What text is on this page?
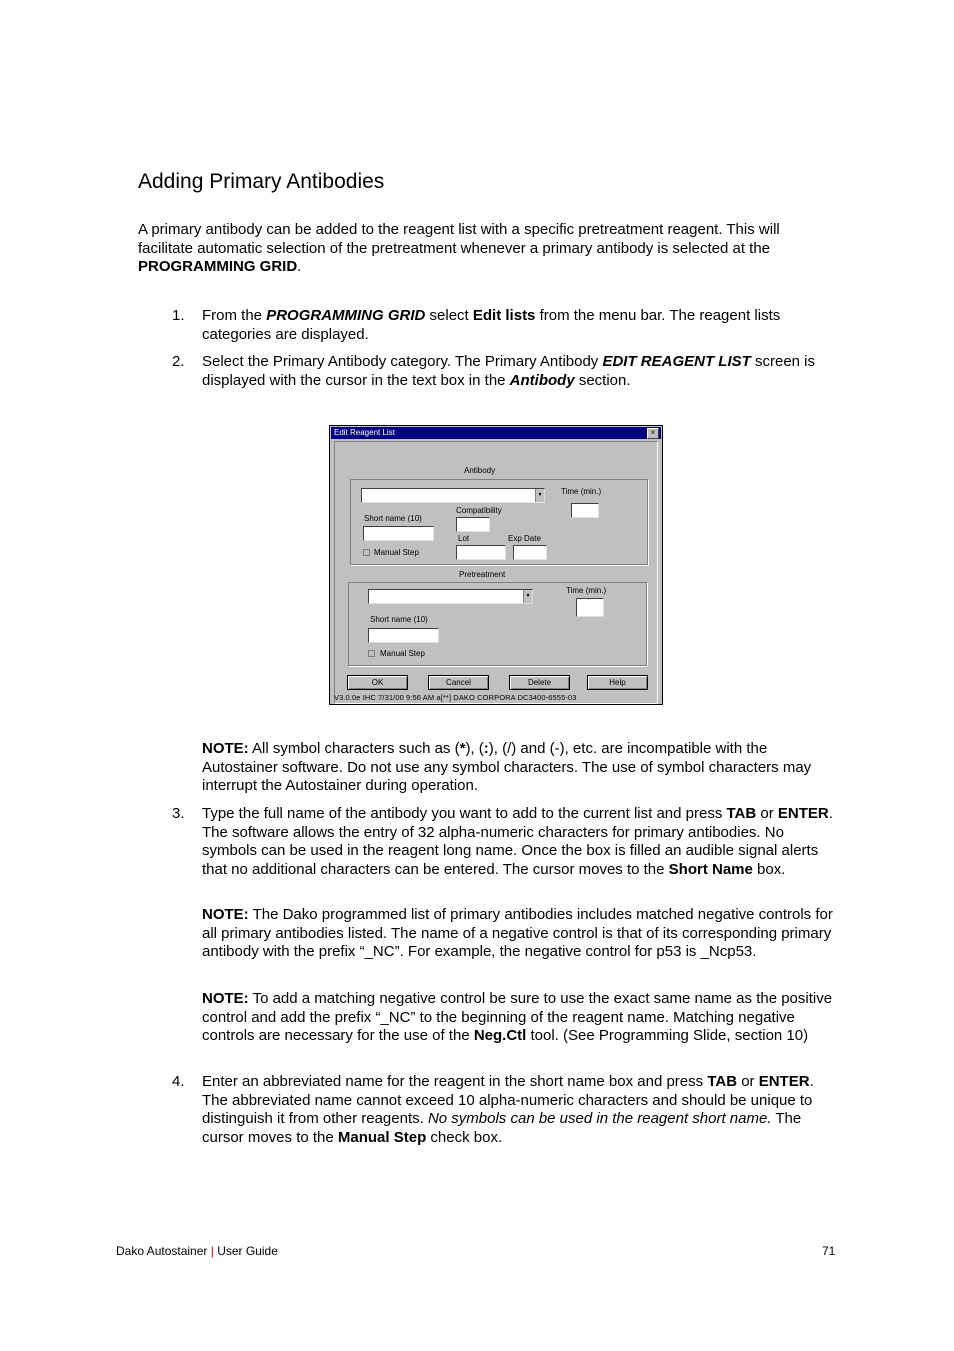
Adding Primary Antibodies

A primary antibody can be added to the reagent list with a specific pretreatment reagent. This will facilitate automatic selection of the pretreatment whenever a primary antibody is selected at the PROGRAMMING GRID.

1.	From the PROGRAMMING GRID select Edit lists from the menu bar. The reagent lists categories are displayed.
2.	Select the Primary Antibody category. The Primary Antibody EDIT REAGENT LIST screen is displayed with the cursor in the text box in the Antibody section.
Edit Reagent List	×
Antibody
▾	Time (min.)
Compatibility
Short name (10)
Lot	Exp Date
Manual Step
Pretreatment
▾
Time (min.)
Short name (10)
Manual Step
OK	Cancel	Delete	Help
V3.0.0e IHC 7/31/00 9:56 AM a[**] DAKO CORPORA DC3400-6555-03
NOTE: All symbol characters such as (*), (:), (/) and (-), etc. are incompatible with the Autostainer software. Do not use any symbol characters. The use of symbol characters may interrupt the Autostainer during operation.
3.	Type the full name of the antibody you want to add to the current list and press TAB or ENTER. The software allows the entry of 32 alpha-numeric characters for primary antibodies. No symbols can be used in the reagent long name. Once the box is filled an audible signal alerts that no additional characters can be entered. The cursor moves to the Short Name box.
NOTE: The Dako programmed list of primary antibodies includes matched negative controls for all primary antibodies listed. The name of a negative control is that of its corresponding primary antibody with the prefix “_NC”. For example, the negative control for p53 is _Ncp53.
NOTE: To add a matching negative control be sure to use the exact same name as the positive control and add the prefix “_NC” to the beginning of the reagent name. Matching negative controls are necessary for the use of the Neg.Ctl tool. (See Programming Slide, section 10)
4.	Enter an abbreviated name for the reagent in the short name box and press TAB or ENTER. The abbreviated name cannot exceed 10 alpha-numeric characters and should be unique to distinguish it from other reagents. No symbols can be used in the reagent short name. The cursor moves to the Manual Step check box.
Dako Autostainer | User Guide	71
